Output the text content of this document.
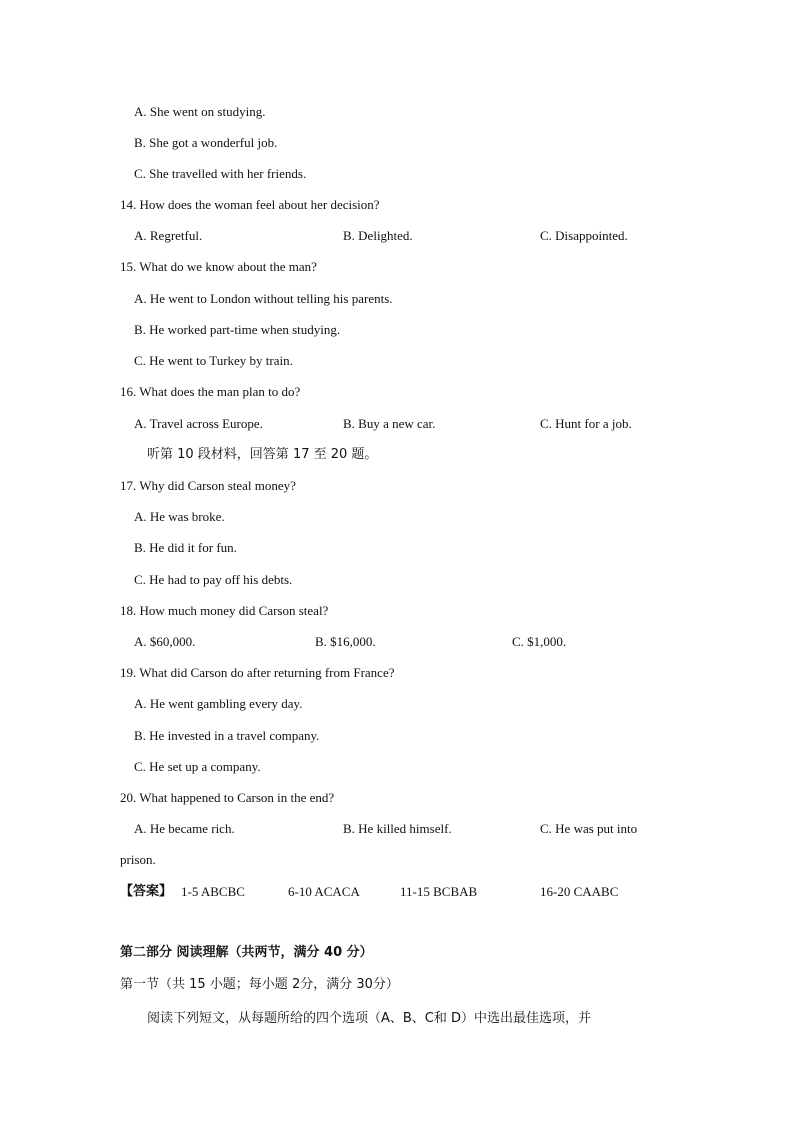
A. She went on studying.
B. She got a wonderful job.
C. She travelled with her friends.
14. How does the woman feel about her decision?
A. Regretful.	B. Delighted.	C. Disappointed.
15. What do we know about the man?
A. He went to London without telling his parents.
B. He worked part-time when studying.
C. He went to Turkey by train.
16. What does the man plan to do?
A. Travel across Europe.	B. Buy a new car.	C. Hunt for a job.
听第 10 段材料，回答第 17 至 20 题。
17. Why did Carson steal money?
A. He was broke.
B. He did it for fun.
C. He had to pay off his debts.
18. How much money did Carson steal?
A. $60,000.	B. $16,000.	C. $1,000.
19. What did Carson do after returning from France?
A. He went gambling every day.
B. He invested in a travel company.
C. He set up a company.
20. What happened to Carson in the end?
A. He became rich.	B. He killed himself.	C. He was put into
prison.
【答案】 1-5 ABCBC	6-10 ACACA	11-15 BCBAB	16-20 CAABC
第二部分 阅读理解（共两节，满分 40 分）
第一节（共 15 小题；每小题 2分，满分 30分）
阅读下列短文，从每题所给的四个选项（A、B、C和 D）中选出最佳选项，并
